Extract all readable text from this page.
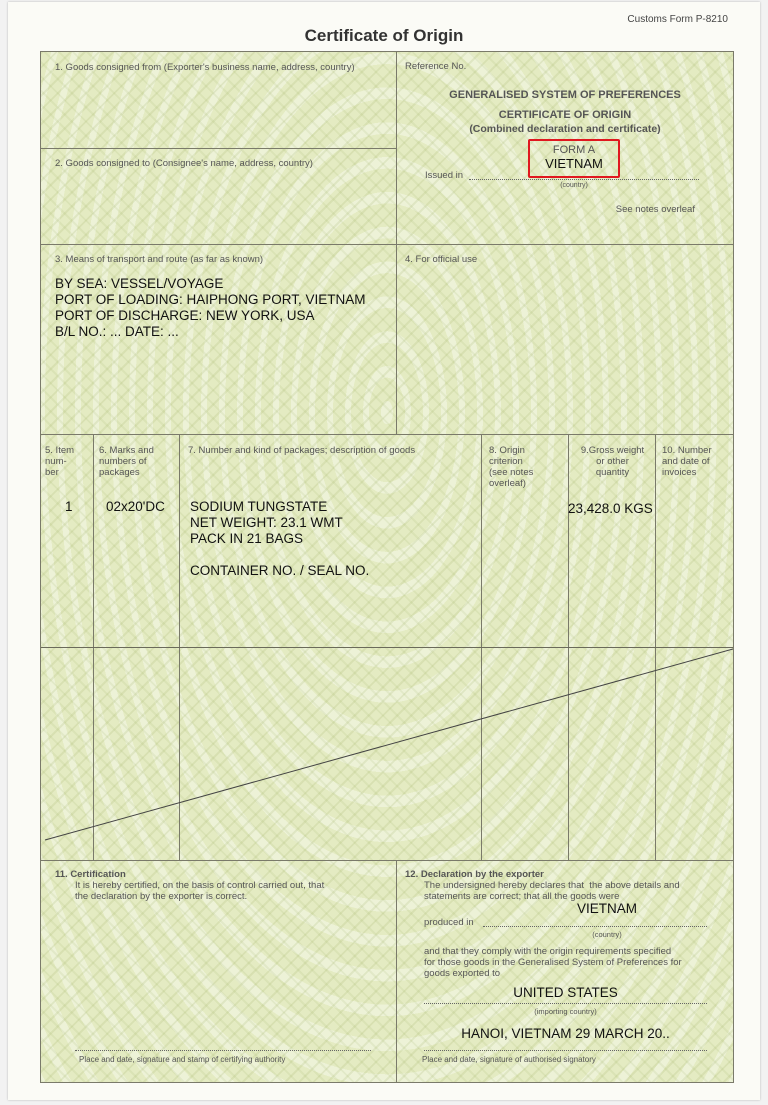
Customs Form P-8210
Certificate of Origin
1. Goods consigned from (Exporter's business name, address, country)	Reference No.
GENERALISED SYSTEM OF PREFERENCES
CERTIFICATE OF ORIGIN
(Combined declaration and certificate)
FORM A
VIETNAM
Issued in
(country)
See notes overleaf
2. Goods consigned to (Consignee's name, address, country)
3. Means of transport and route (as far as known)
BY SEA: VESSEL/VOYAGE
PORT OF LOADING: HAIPHONG PORT, VIETNAM
PORT OF DISCHARGE: NEW YORK, USA
B/L NO.: ... DATE: ...
4. For official use
5. Item
num-
ber
1
6. Marks and
numbers of
packages
02x20'DC
7. Number and kind of packages; description of goods
SODIUM TUNGSTATE
NET WEIGHT: 23.1 WMT
PACK IN 21 BAGS
CONTAINER NO. / SEAL NO.
8. Origin
criterion
(see notes
overleaf)
9.Gross weight
or other
quantity
23,428.0 KGS
10. Number
and date of
invoices
11. Certification
It is hereby certified, on the basis of control carried out, that
the declaration by the exporter is correct.
Place and date, signature and stamp of certifying authority
12. Declaration by the exporter
The undersigned hereby declares that  the above details and
statements are correct; that all the goods were
VIETNAM
produced in
(country)
and that they comply with the origin requirements specified
for those goods in the Generalised System of Preferences for
goods exported to
UNITED STATES
(importing country)
HANOI, VIETNAM 29 MARCH 20..
Place and date, signature of authorised signatory
